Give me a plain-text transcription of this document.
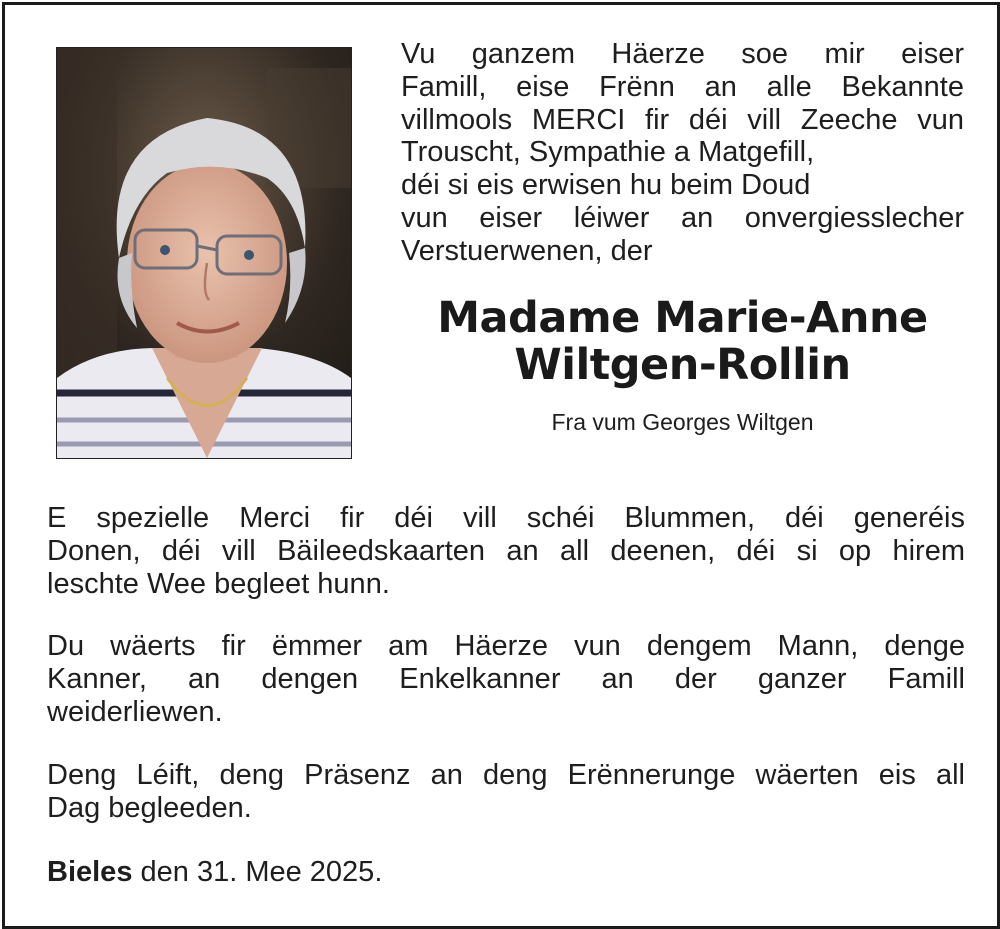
Vu ganzem Häerze soe mir eiser
Famill, eise Frënn an alle Bekannte
villmools MERCI fir déi vill Zeeche vun
Trouscht, Sympathie a Matgefill,
déi si eis erwisen hu beim Doud
vun eiser léiwer an onvergiesslecher
Verstuerwenen, der
Madame Marie-Anne
Wiltgen-Rollin

Fra vum Georges Wiltgen

E spezielle Merci fir déi vill schéi Blummen, déi generéis
Donen, déi vill Bäileedskaarten an all deenen, déi si op hirem
leschte Wee begleet hunn.
Du wäerts fir ëmmer am Häerze vun dengem Mann, denge
Kanner, an dengen Enkelkanner an der ganzer Famill
weiderliewen.
Deng Léift, deng Präsenz an deng Erënnerunge wäerten eis all
Dag begleeden.

Bieles den 31. Mee 2025.
